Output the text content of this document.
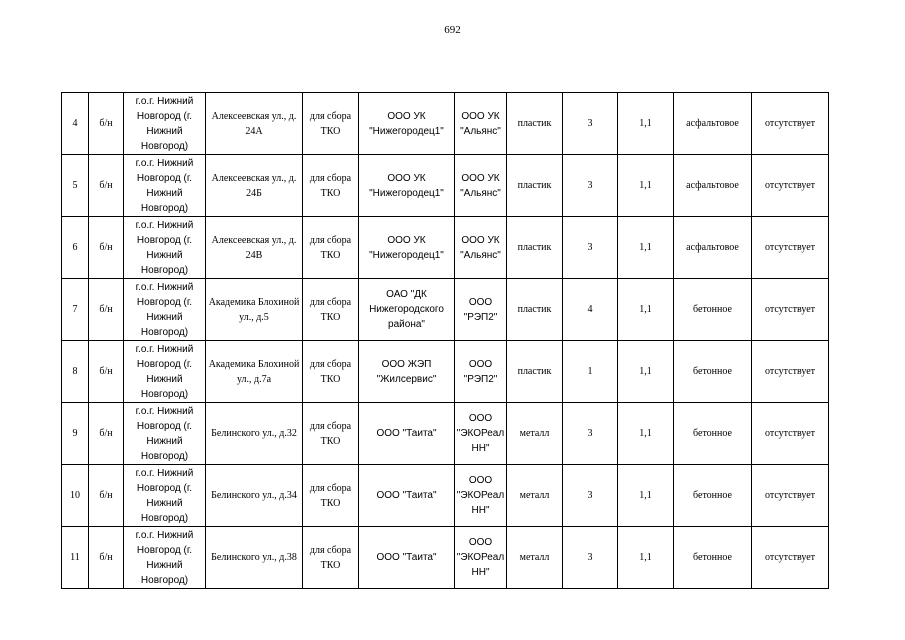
692
4	б/н	г.о.г. Нижний Новгород (г. Нижний Новгород)	Алексеевская ул., д. 24А	для сбора ТКО	ООО УК "Нижегородец1"	ООО УК "Альянс"	пластик	3	1,1	асфальтовое	отсутствует
5	б/н	г.о.г. Нижний Новгород (г. Нижний Новгород)	Алексеевская ул., д. 24Б	для сбора ТКО	ООО УК "Нижегородец1"	ООО УК "Альянс"	пластик	3	1,1	асфальтовое	отсутствует
6	б/н	г.о.г. Нижний Новгород (г. Нижний Новгород)	Алексеевская ул., д. 24В	для сбора ТКО	ООО УК "Нижегородец1"	ООО УК "Альянс"	пластик	3	1,1	асфальтовое	отсутствует
7	б/н	г.о.г. Нижний Новгород (г. Нижний Новгород)	Академика Блохиной ул., д.5	для сбора ТКО	ОАО "ДК Нижегородского района"	ООО "РЭП2"	пластик	4	1,1	бетонное	отсутствует
8	б/н	г.о.г. Нижний Новгород (г. Нижний Новгород)	Академика Блохиной ул., д.7а	для сбора ТКО	ООО ЖЭП "Жилсервис"	ООО "РЭП2"	пластик	1	1,1	бетонное	отсутствует
9	б/н	г.о.г. Нижний Новгород (г. Нижний Новгород)	Белинского ул., д.32	для сбора ТКО	ООО "Таита"	ООО "ЭКОРеал НН"	металл	3	1,1	бетонное	отсутствует
10	б/н	г.о.г. Нижний Новгород (г. Нижний Новгород)	Белинского ул., д.34	для сбора ТКО	ООО "Таита"	ООО "ЭКОРеал НН"	металл	3	1,1	бетонное	отсутствует
11	б/н	г.о.г. Нижний Новгород (г. Нижний Новгород)	Белинского ул., д.38	для сбора ТКО	ООО "Таита"	ООО "ЭКОРеал НН"	металл	3	1,1	бетонное	отсутствует
